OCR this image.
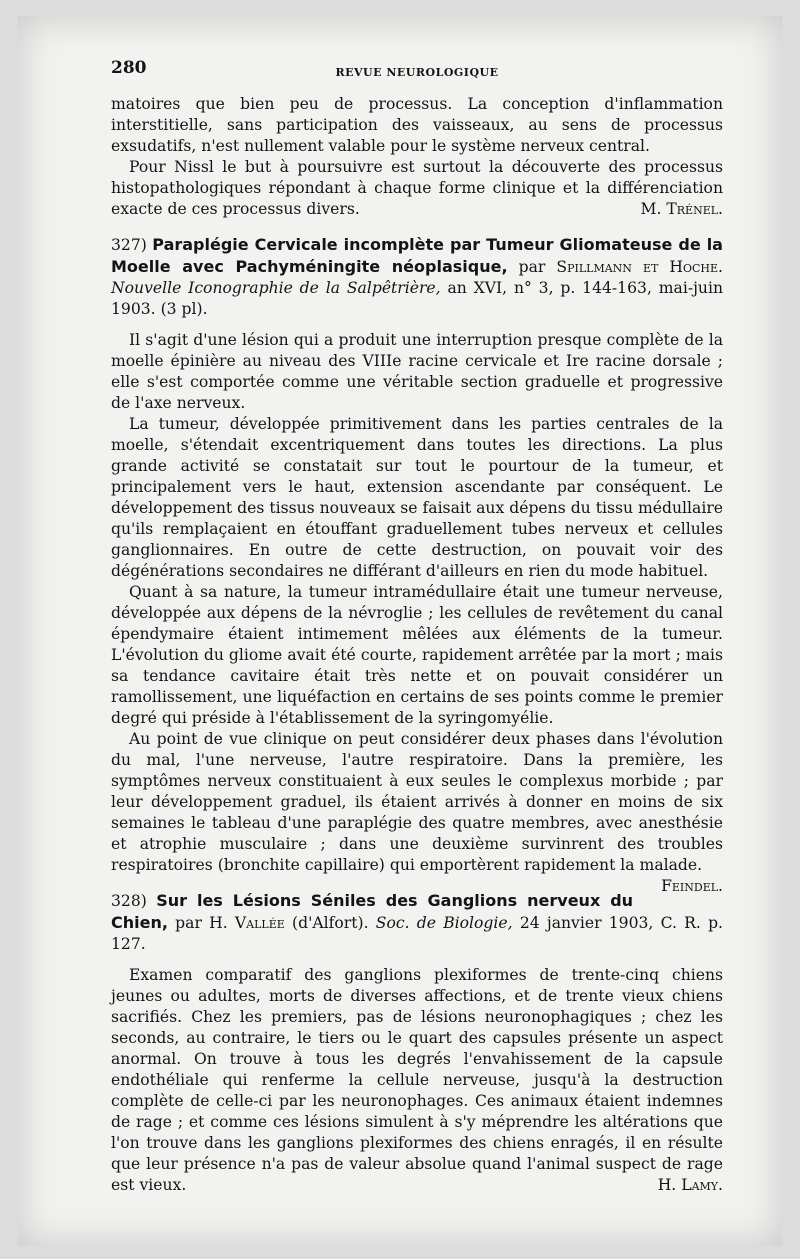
280	REVUE NEUROLOGIQUE

matoires que bien peu de processus. La conception d'inflammation interstitielle, sans participation des vaisseaux, au sens de processus exsudatifs, n'est nullement valable pour le système nerveux central.

Pour Nissl le but à poursuivre est surtout la découverte des processus histopathologiques répondant à chaque forme clinique et la différenciation exacte de ces processus divers.	M. Trénel.

327) Paraplégie Cervicale incomplète par Tumeur Gliomateuse de la Moelle avec Pachyméningite néoplasique, par Spillmann et Hoche. Nouvelle Iconographie de la Salpêtrière, an XVI, n° 3, p. 144-163, mai-juin 1903. (3 pl).

Il s'agit d'une lésion qui a produit une interruption presque complète de la moelle épinière au niveau des VIIIe racine cervicale et Ire racine dorsale ; elle s'est comportée comme une véritable section graduelle et progressive de l'axe nerveux.

La tumeur, développée primitivement dans les parties centrales de la moelle, s'étendait excentriquement dans toutes les directions. La plus grande activité se constatait sur tout le pourtour de la tumeur, et principalement vers le haut, extension ascendante par conséquent. Le développement des tissus nouveaux se faisait aux dépens du tissu médullaire qu'ils remplaçaient en étouffant graduellement tubes nerveux et cellules ganglionnaires. En outre de cette destruction, on pouvait voir des dégénérations secondaires ne différant d'ailleurs en rien du mode habituel.

Quant à sa nature, la tumeur intramédullaire était une tumeur nerveuse, développée aux dépens de la névroglie ; les cellules de revêtement du canal épendymaire étaient intimement mêlées aux éléments de la tumeur. L'évolution du gliome avait été courte, rapidement arrêtée par la mort ; mais sa tendance cavitaire était très nette et on pouvait considérer un ramollissement, une liquéfaction en certains de ses points comme le premier degré qui préside à l'établissement de la syringomyélie.

Au point de vue clinique on peut considérer deux phases dans l'évolution du mal, l'une nerveuse, l'autre respiratoire. Dans la première, les symptômes nerveux constituaient à eux seules le complexus morbide ; par leur développement graduel, ils étaient arrivés à donner en moins de six semaines le tableau d'une paraplégie des quatre membres, avec anesthésie et atrophie musculaire ; dans une deuxième survinrent des troubles respiratoires (bronchite capillaire) qui emportèrent rapidement la malade.
Feindel.

328) Sur les Lésions Séniles des Ganglions nerveux du Chien, par H. Vallée (d'Alfort). Soc. de Biologie, 24 janvier 1903, C. R. p. 127.

Examen comparatif des ganglions plexiformes de trente-cinq chiens jeunes ou adultes, morts de diverses affections, et de trente vieux chiens sacrifiés. Chez les premiers, pas de lésions neuronophagiques ; chez les seconds, au contraire, le tiers ou le quart des capsules présente un aspect anormal. On trouve à tous les degrés l'envahissement de la capsule endothéliale qui renferme la cellule nerveuse, jusqu'à la destruction complète de celle-ci par les neuronophages. Ces animaux étaient indemnes de rage ; et comme ces lésions simulent à s'y méprendre les altérations que l'on trouve dans les ganglions plexiformes des chiens enragés, il en résulte que leur présence n'a pas de valeur absolue quand l'animal suspect de rage est vieux.	H. Lamy.
